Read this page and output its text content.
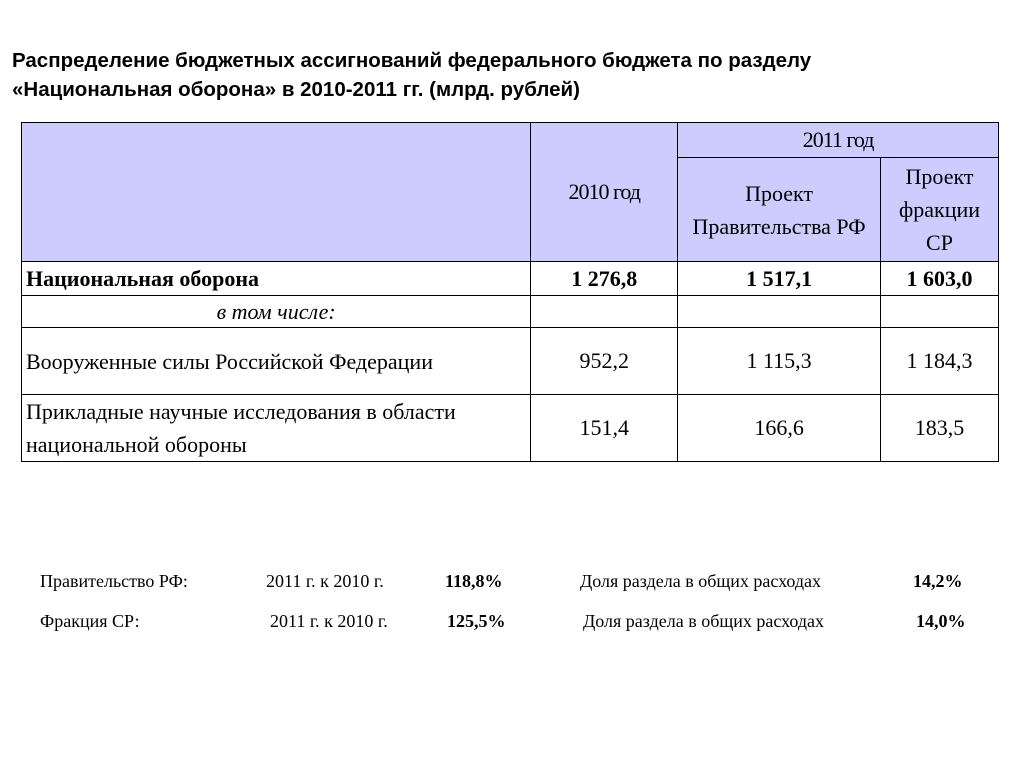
Распределение бюджетных ассигнований федерального бюджета по разделу
«Национальная оборона» в 2010-2011 гг. (млрд. рублей)
	2010 год	2011 год	
		Проект Правительства РФ	Проект фракции СР
Национальная оборона	1 276,8	1 517,1	1 603,0
в том числе:			
Вооруженные силы Российской Федерации	952,2	1 115,3	1 184,3
Прикладные научные исследования в области национальной обороны	151,4	166,6	183,5
Правительство РФ:	2011 г. к 2010 г.	118,8%	Доля раздела в общих расходах	14,2%
Фракция СР:	2011 г. к 2010 г.	125,5%	Доля раздела в общих расходах	14,0%
